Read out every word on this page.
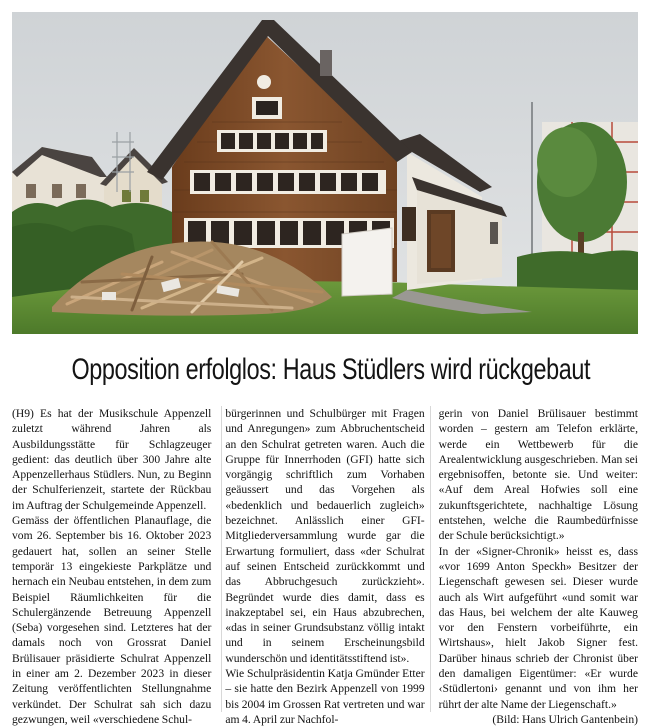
Opposition erfolglos: Haus Stüdlers wird rückgebaut

(H9) Es hat der Musikschule Appenzell zuletzt während Jahren als Ausbildungsstätte für Schlagzeuger gedient: das deutlich über 300 Jahre alte Appenzellerhaus Stüdlers. Nun, zu Beginn der Schulferienzeit, startete der Rückbau im Auftrag der Schulgemeinde Appenzell.

Gemäss der öffentlichen Planauflage, die vom 26. September bis 16. Oktober 2023 gedauert hat, sollen an seiner Stelle temporär 13 eingekieste Parkplätze und hernach ein Neubau entstehen, in dem zum Beispiel Räumlichkeiten für die Schulergänzende Betreuung Appenzell (Seba) vorgesehen sind. Letzteres hat der damals noch von Grossrat Daniel Brülisauer präsidierte Schulrat Appenzell in einer am 2. Dezember 2023 in dieser Zeitung veröffentlichten Stellungnahme verkündet. Der Schulrat sah sich dazu gezwungen, weil «verschiedene Schul-

bürgerinnen und Schulbürger mit Fragen und Anregungen» zum Abbruchentscheid an den Schulrat getreten waren. Auch die Gruppe für Innerrhoden (GFI) hatte sich vorgängig schriftlich zum Vorhaben geäussert und das Vorgehen als «bedenklich und bedauerlich zugleich» bezeichnet. Anlässlich einer GFI-Mitgliederversammlung wurde gar die Erwartung formuliert, dass «der Schulrat auf seinen Entscheid zurückkommt und das Abbruchgesuch zurückzieht». Begründet wurde dies damit, dass es inakzeptabel sei, ein Haus abzubrechen, «das in seiner Grundsubstanz völlig intakt und in seinem Erscheinungsbild wunderschön und identitätsstiftend ist».

Wie Schulpräsidentin Katja Gmünder Etter – sie hatte den Bezirk Appenzell von 1999 bis 2004 im Grossen Rat vertreten und war am 4. April zur Nachfol-

gerin von Daniel Brülisauer bestimmt worden – gestern am Telefon erklärte, werde ein Wettbewerb für die Arealentwicklung ausgeschrieben. Man sei ergebnisoffen, betonte sie. Und weiter: «Auf dem Areal Hofwies soll eine zukunftsgerichtete, nachhaltige Lösung entstehen, welche die Raumbedürfnisse der Schule berücksichtigt.»

In der «Signer-Chronik» heisst es, dass «vor 1699 Anton Speckh» Besitzer der Liegenschaft gewesen sei. Dieser wurde auch als Wirt aufgeführt «und somit war das Haus, bei welchem der alte Kauweg vor den Fenstern vorbeiführte, ein Wirtshaus», hielt Jakob Signer fest. Darüber hinaus schrieb der Chronist über den damaligen Eigentümer: «Er wurde ‹Stüdlertoni› genannt und von ihm her rührt der alte Name der Liegenschaft.»

(Bild: Hans Ulrich Gantenbein)
